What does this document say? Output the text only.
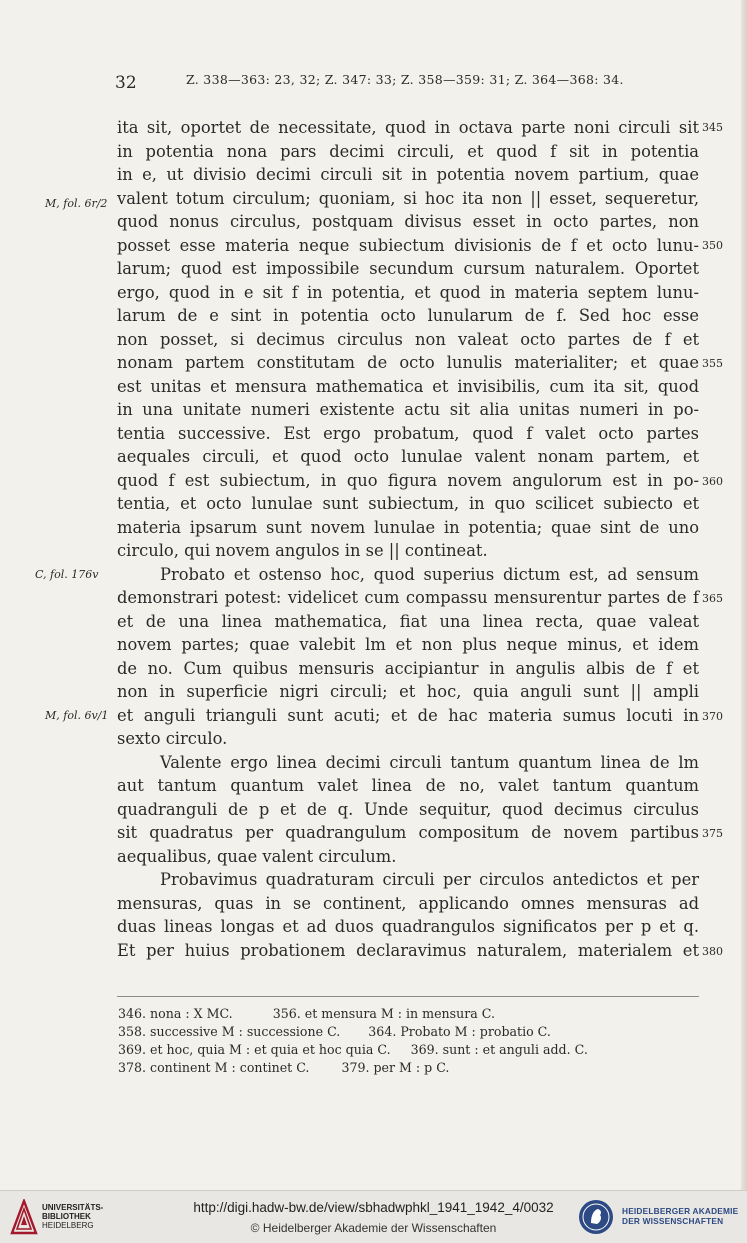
32	Z. 338—363: 23, 32; Z. 347: 33; Z. 358—359: 31; Z. 364—368: 34.
ita sit, oportet de necessitate, quod in octava parte noni circuli sit
in potentia nona pars decimi circuli, et quod f sit in potentia
in e, ut divisio decimi circuli sit in potentia novem partium, quae
valent totum circulum; quoniam, si hoc ita non || esset, sequeretur,
quod nonus circulus, postquam divisus esset in octo partes, non
posset esse materia neque subiectum divisionis de f et octo lunu-
larum; quod est impossibile secundum cursum naturalem. Oportet
ergo, quod in e sit f in potentia, et quod in materia septem lunu-
larum de e sint in potentia octo lunularum de f. Sed hoc esse
non posset, si decimus circulus non valeat octo partes de f et
nonam partem constitutam de octo lunulis materialiter; et quae
est unitas et mensura mathematica et invisibilis, cum ita sit, quod
in una unitate numeri existente actu sit alia unitas numeri in po-
tentia successive. Est ergo probatum, quod f valet octo partes
aequales circuli, et quod octo lunulae valent nonam partem, et
quod f est subiectum, in quo figura novem angulorum est in po-
tentia, et octo lunulae sunt subiectum, in quo scilicet subiecto et
materia ipsarum sunt novem lunulae in potentia; quae sint de uno
circulo, qui novem angulos in se || contineat.
Probato et ostenso hoc, quod superius dictum est, ad sensum
demonstrari potest: videlicet cum compassu mensurentur partes de f
et de una linea mathematica, fiat una linea recta, quae valeat
novem partes; quae valebit lm et non plus neque minus, et idem
de no. Cum quibus mensuris accipiantur in angulis albis de f et
non in superficie nigri circuli; et hoc, quia anguli sunt || ampli
et anguli trianguli sunt acuti; et de hac materia sumus locuti in
sexto circulo.
Valente ergo linea decimi circuli tantum quantum linea de lm
aut tantum quantum valet linea de no, valet tantum quantum
quadranguli de p et de q. Unde sequitur, quod decimus circulus
sit quadratus per quadrangulum compositum de novem partibus
aequalibus, quae valent circulum.
Probavimus quadraturam circuli per circulos antedictos et per
mensuras, quas in se continent, applicando omnes mensuras ad
duas lineas longas et ad duos quadrangulos significatos per p et q.
Et per huius probationem declaravimus naturalem, materialem et
345
350
355
360
365
370
375
380
M, fol. 6r/2
C, fol. 176v
M, fol. 6v/1
346. nona : X MC.          356. et mensura M : in mensura C.
358. successive M : successione C.       364. Probato M : probatio C.
369. et hoc, quia M : et quia et hoc quia C.     369. sunt : et anguli add. C.
378. continent M : continet C.        379. per M : p C.
UNIVERSITÄTS-
BIBLIOTHEK
HEIDELBERG
http://digi.hadw-bw.de/view/sbhadwphkl_1941_1942_4/0032
© Heidelberger Akademie der Wissenschaften
HEIDELBERGER AKADEMIE
DER WISSENSCHAFTEN
